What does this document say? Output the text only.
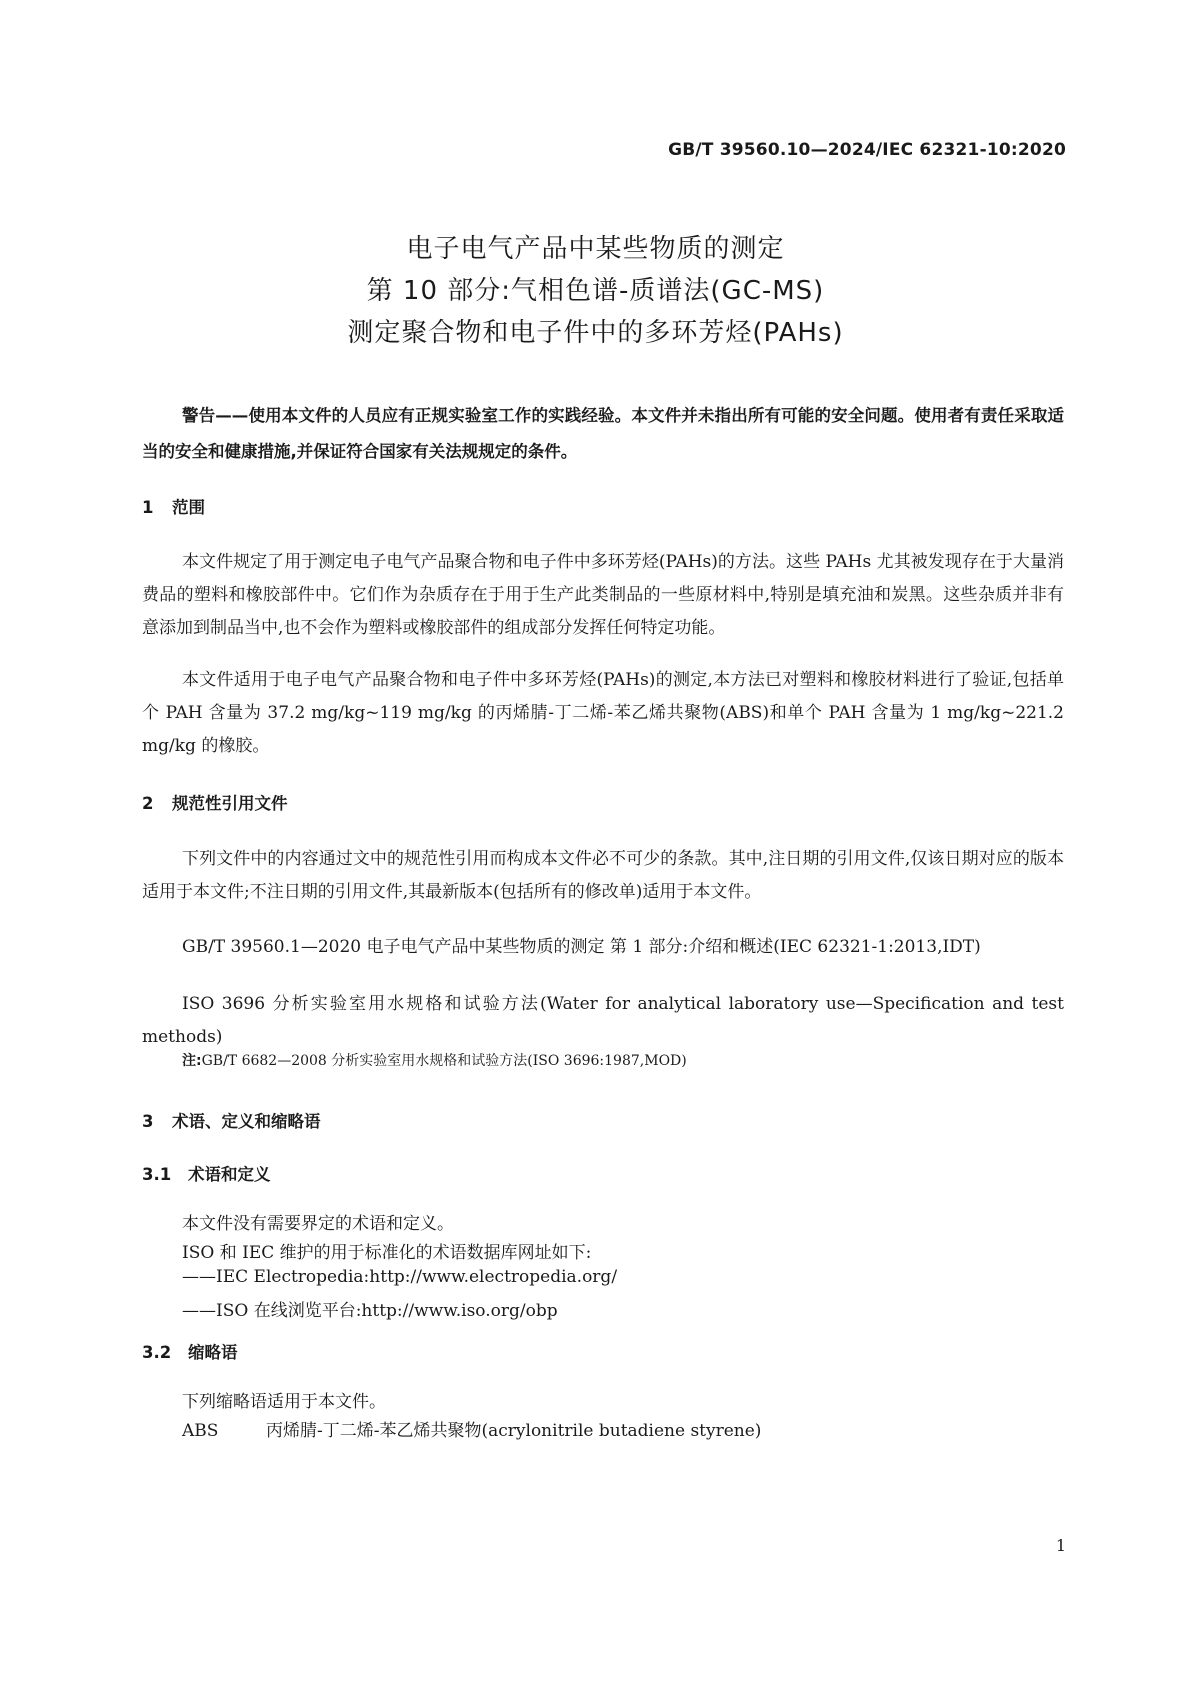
GB/T 39560.10—2024/IEC 62321-10:2020
电子电气产品中某些物质的测定
第 10 部分:气相色谱-质谱法(GC-MS)
测定聚合物和电子件中的多环芳烃(PAHs)
警告——使用本文件的人员应有正规实验室工作的实践经验。本文件并未指出所有可能的安全问题。使用者有责任采取适当的安全和健康措施,并保证符合国家有关法规规定的条件。
1 范围
本文件规定了用于测定电子电气产品聚合物和电子件中多环芳烃(PAHs)的方法。这些 PAHs 尤其被发现存在于大量消费品的塑料和橡胶部件中。它们作为杂质存在于用于生产此类制品的一些原材料中,特别是填充油和炭黑。这些杂质并非有意添加到制品当中,也不会作为塑料或橡胶部件的组成部分发挥任何特定功能。
本文件适用于电子电气产品聚合物和电子件中多环芳烃(PAHs)的测定,本方法已对塑料和橡胶材料进行了验证,包括单个 PAH 含量为 37.2 mg/kg~119 mg/kg 的丙烯腈-丁二烯-苯乙烯共聚物(ABS)和单个 PAH 含量为 1 mg/kg~221.2 mg/kg 的橡胶。
2 规范性引用文件
下列文件中的内容通过文中的规范性引用而构成本文件必不可少的条款。其中,注日期的引用文件,仅该日期对应的版本适用于本文件;不注日期的引用文件,其最新版本(包括所有的修改单)适用于本文件。
GB/T 39560.1—2020 电子电气产品中某些物质的测定 第 1 部分:介绍和概述(IEC 62321-1:2013,IDT)
ISO 3696 分析实验室用水规格和试验方法(Water for analytical laboratory use—Specification and test methods)
注:GB/T 6682—2008 分析实验室用水规格和试验方法(ISO 3696:1987,MOD)
3 术语、定义和缩略语
3.1 术语和定义
本文件没有需要界定的术语和定义。
ISO 和 IEC 维护的用于标准化的术语数据库网址如下:
——IEC Electropedia:http://www.electropedia.org/
——ISO 在线浏览平台:http://www.iso.org/obp
3.2 缩略语
下列缩略语适用于本文件。
ABS	丙烯腈-丁二烯-苯乙烯共聚物(acrylonitrile butadiene styrene)
1
